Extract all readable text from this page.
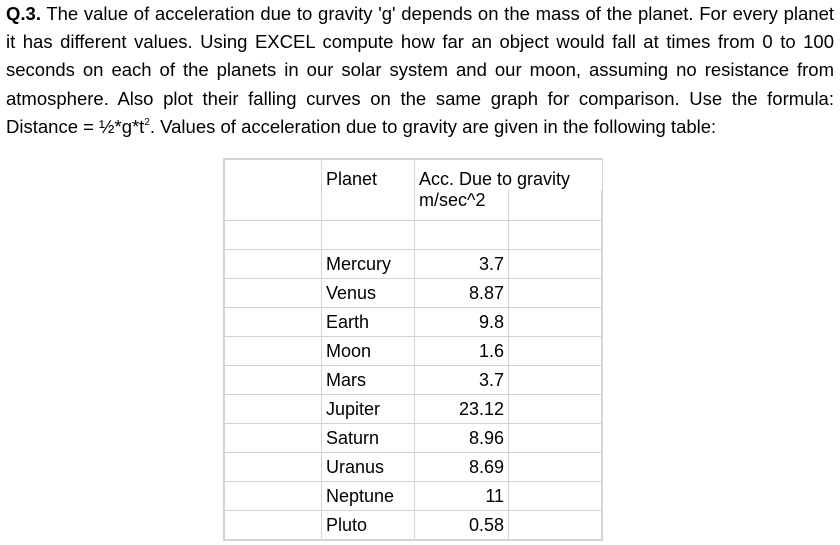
Q.3. The value of acceleration due to gravity 'g' depends on the mass of the planet. For every planet it has different values. Using EXCEL compute how far an object would fall at times from 0 to 100 seconds on each of the planets in our solar system and our moon, assuming no resistance from atmosphere. Also plot their falling curves on the same graph for comparison. Use the formula: Distance = $\frac{1}{2}*g*t^2$. Values of acceleration due to gravity are given in the following table:
	Planet	Acc. Due to gravity	
		m/sec^2	

	Mercury	3.7	
	Venus	8.87	
	Earth	9.8	
	Moon	1.6	
	Mars	3.7	
	Jupiter	23.12	
	Saturn	8.96	
	Uranus	8.69	
	Neptune	11	
	Pluto	0.58	
